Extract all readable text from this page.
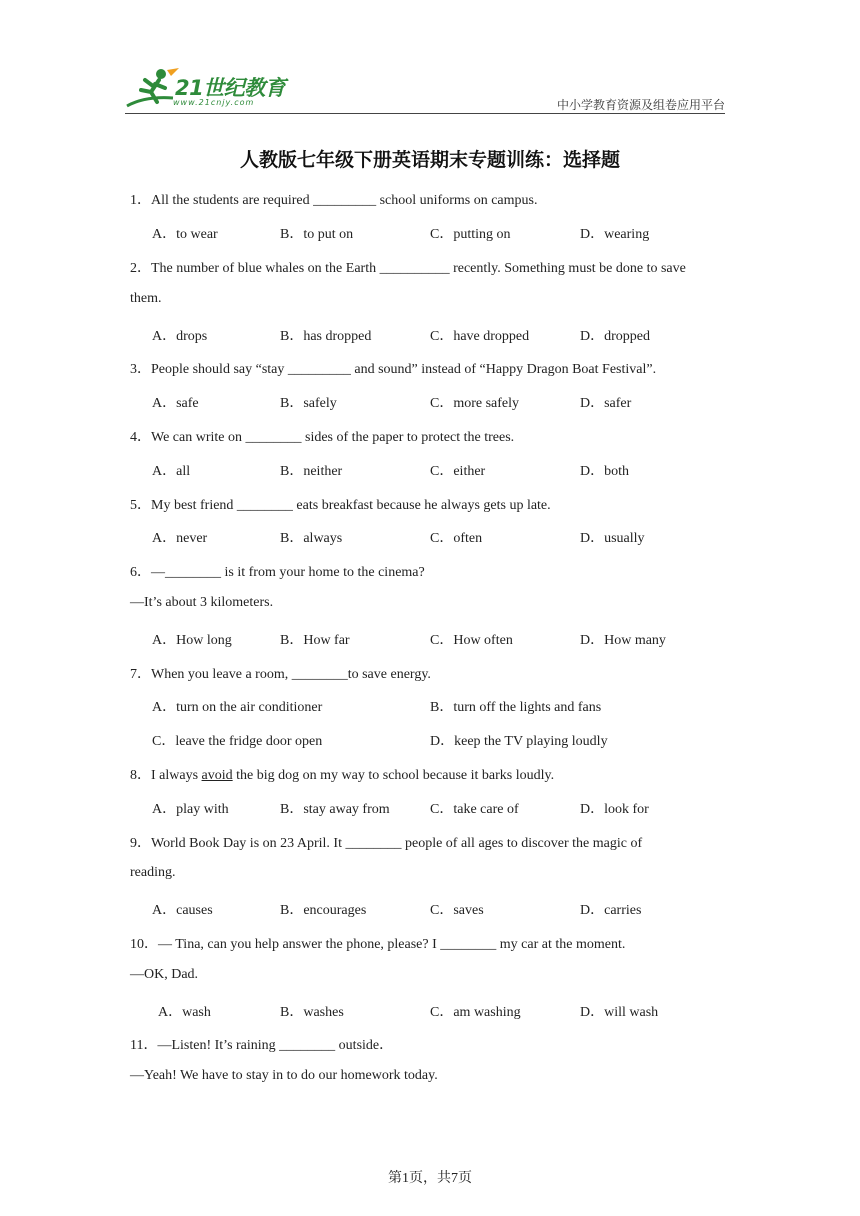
21世纪教育
www.21cnjy.com	中小学教育资源及组卷应用平台
人教版七年级下册英语期末专题训练：选择题
1．All the students are required _________ school uniforms on campus.
A．to wear	B．to put on	C．putting on	D．wearing
2．The number of blue whales on the Earth __________ recently. Something must be done to save
them.
A．drops	B．has dropped	C．have dropped	D．dropped
3．People should say “stay _________ and sound” instead of “Happy Dragon Boat Festival”.
A．safe	B．safely	C．more safely	D．safer
4．We can write on ________ sides of the paper to protect the trees.
A．all	B．neither	C．either	D．both
5．My best friend ________ eats breakfast because he always gets up late.
A．never	B．always	C．often	D．usually
6．—________ is it from your home to the cinema?
—It’s about 3 kilometers.
A．How long	B．How far	C．How often	D．How many
7．When you leave a room, ________to save energy.
A．turn on the air conditioner	B．turn off the lights and fans
C．leave the fridge door open	D．keep the TV playing loudly
8．I always avoid the big dog on my way to school because it barks loudly.
A．play with	B．stay away from	C．take care of	D．look for
9．World Book Day is on 23 April. It ________ people of all ages to discover the magic of
reading.
A．causes	B．encourages	C．saves	D．carries
10．— Tina, can you help answer the phone, please? I ________ my car at the moment.
—OK, Dad.
A．wash	B．washes	C．am washing	D．will wash
11．—Listen! It’s raining ________ outside．
—Yeah! We have to stay in to do our homework today.
第1页，共7页
